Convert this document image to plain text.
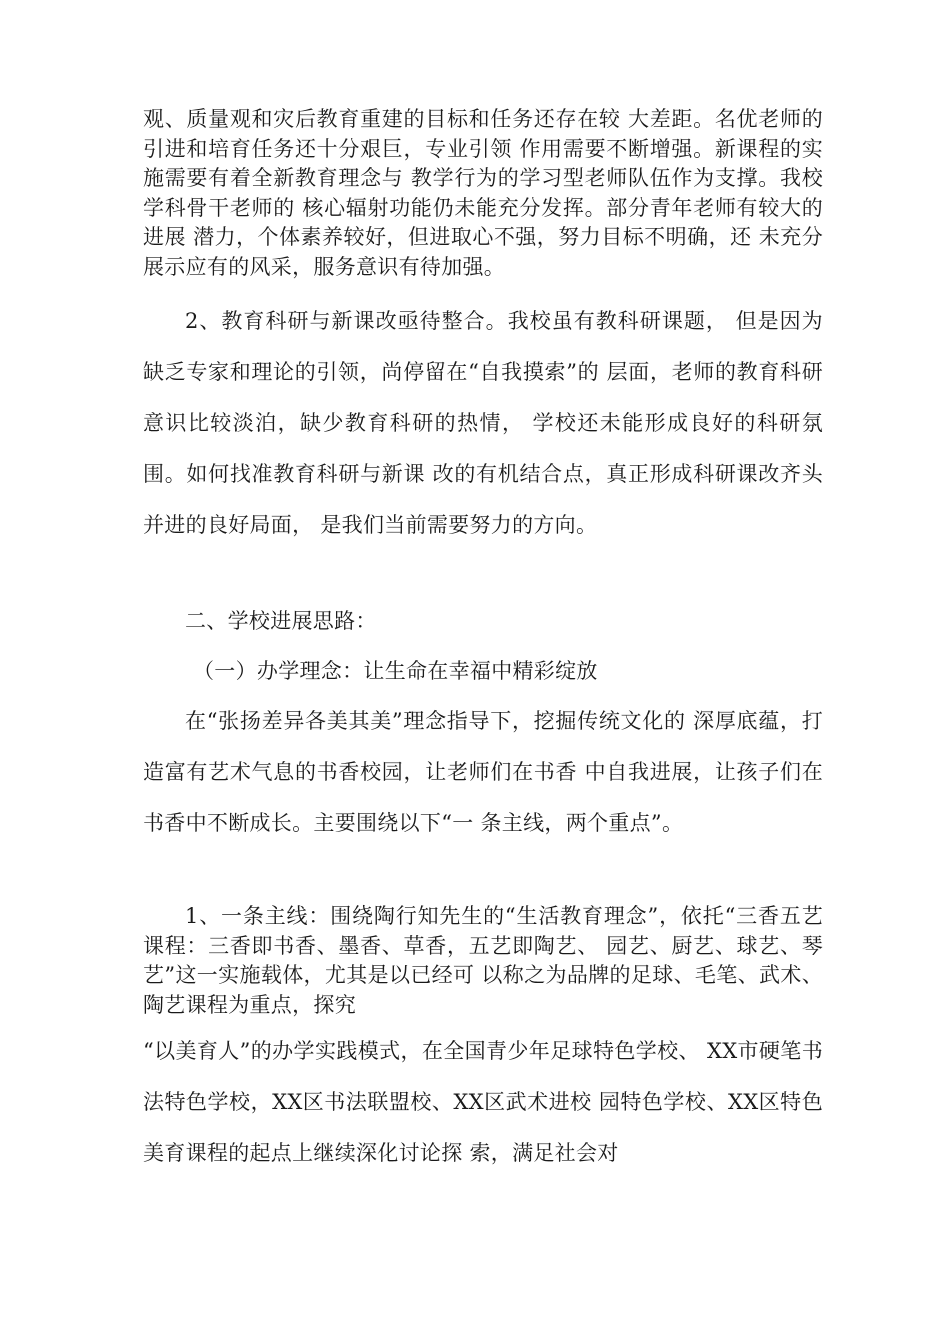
观、质量观和灾后教育重建的目标和任务还存在较 大差距。名优老师的引进和培育任务还十分艰巨，专业引领 作用需要不断增强。新课程的实施需要有着全新教育理念与 教学行为的学习型老师队伍作为支撑。我校学科骨干老师的 核心辐射功能仍未能充分发挥。部分青年老师有较大的进展 潜力，个体素养较好，但进取心不强，努力目标不明确，还 未充分展示应有的风采，服务意识有待加强。

2、教育科研与新课改亟待整合。我校虽有教科研课题， 但是因为缺乏专家和理论的引领，尚停留在“自我摸索”的 层面，老师的教育科研意识比较淡泊，缺少教育科研的热情， 学校还未能形成良好的科研氛围。如何找准教育科研与新课 改的有机结合点，真正形成科研课改齐头并进的良好局面， 是我们当前需要努力的方向。

二、学校进展思路：

（一）办学理念：让生命在幸福中精彩绽放

在“张扬差异各美其美”理念指导下，挖掘传统文化的 深厚底蕴，打造富有艺术气息的书香校园，让老师们在书香 中自我进展，让孩子们在书香中不断成长。主要围绕以下“一 条主线，两个重点”。

1、一条主线：围绕陶行知先生的“生活教育理念”，依托“三香五艺课程：三香即书香、墨香、草香，五艺即陶艺、 园艺、厨艺、球艺、琴艺”这一实施载体，尤其是以已经可 以称之为品牌的足球、毛笔、武术、陶艺课程为重点，探究

“以美育人”的办学实践模式，在全国青少年足球特色学校、 XX市硬笔书法特色学校，XX区书法联盟校、XX区武术进校 园特色学校、XX区特色美育课程的起点上继续深化讨论探 索，满足社会对
